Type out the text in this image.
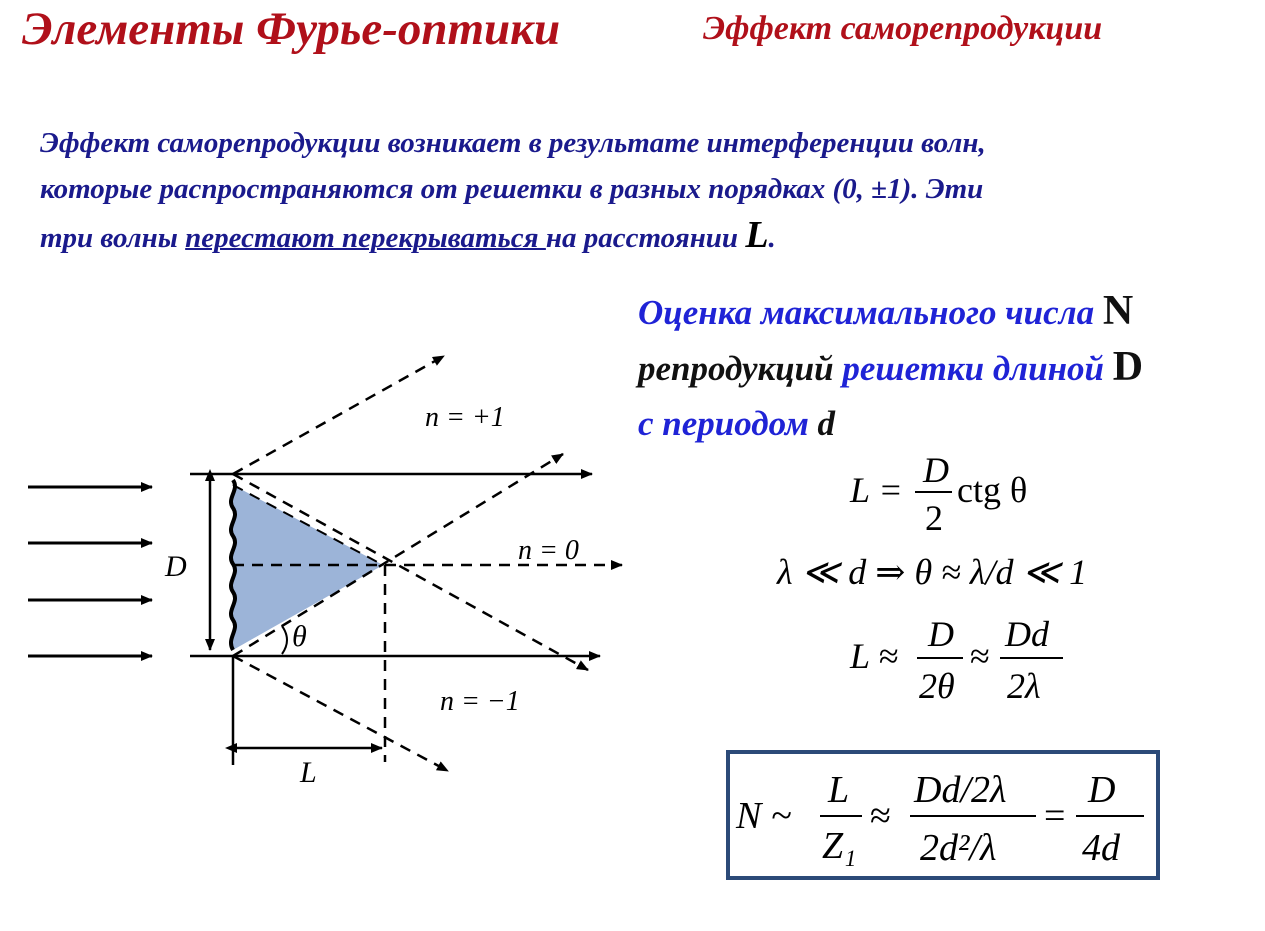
Элементы Фурье-оптики	Эффект саморепродукции
Эффект саморепродукции возникает в результате интерференции волн,
которые распространяются от решетки в разных порядках (0, ±1). Эти
три волны перестают перекрываться на расстоянии L.
Оценка максимального числа N
репродукций решетки длиной D
с периодом d
D
L
θ
n = +1
n = 0
n = −1
L = D
2
ctg θ
λ ≪ d ⇒ θ ≈ λ/d ≪ 1
L ≈
D
2θ
≈
Dd
2λ
N ~
L
Z₁
≈
Dd/2λ
2d²/λ
=
D
4d
